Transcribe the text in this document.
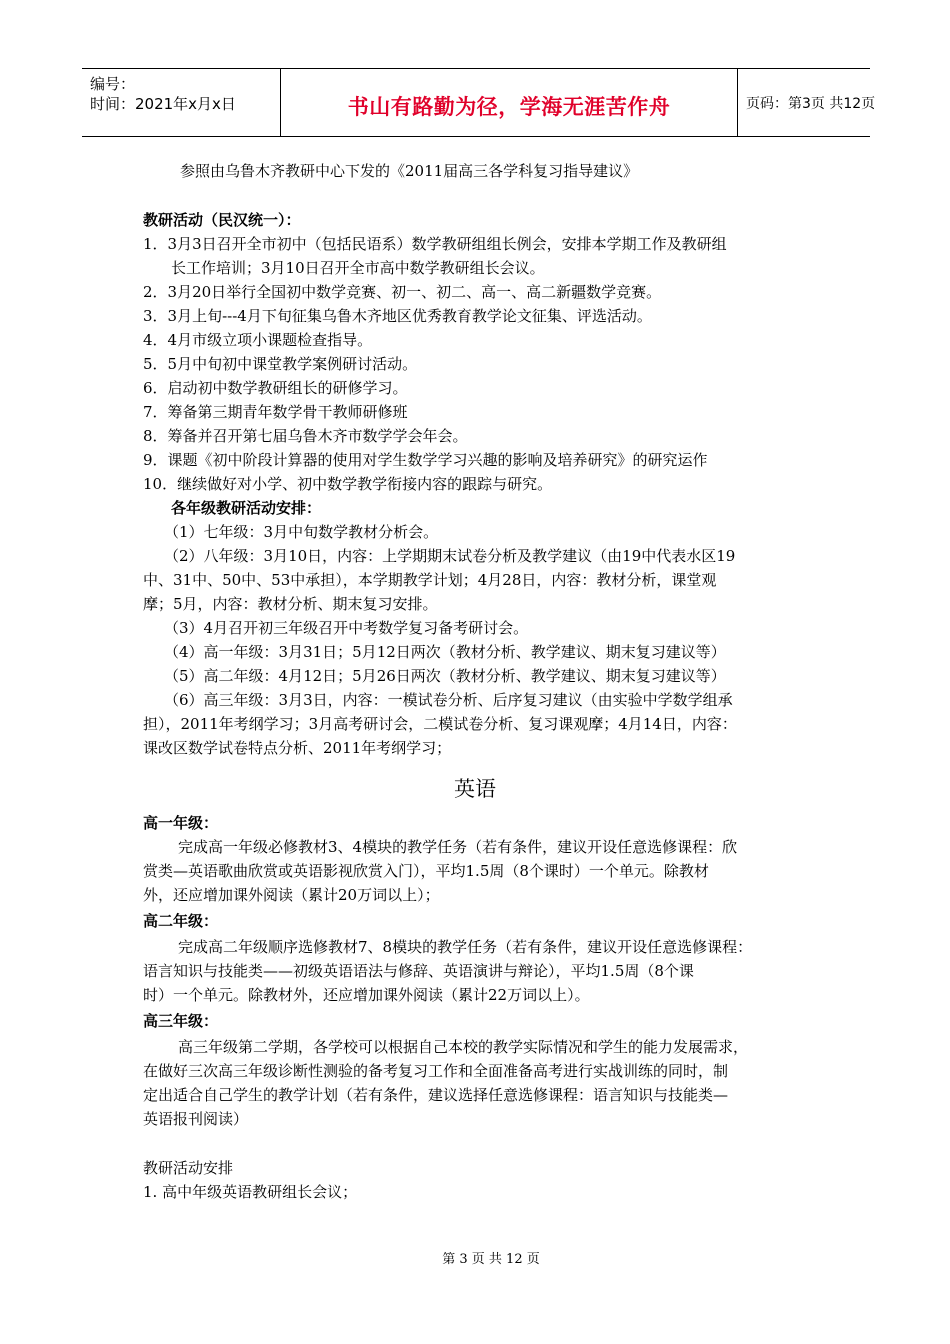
编号：
时间：2021年x月x日	书山有路勤为径，学海无涯苦作舟	页码：第3页 共12页
参照由乌鲁木齐教研中心下发的《2011届高三各学科复习指导建议》
教研活动（民汉统一）：
1．3月3日召开全市初中（包括民语系）数学教研组组长例会，安排本学期工作及教研组
长工作培训；3月10日召开全市高中数学教研组长会议。
2．3月20日举行全国初中数学竞赛、初一、初二、高一、高二新疆数学竞赛。
3．3月上旬---4月下旬征集乌鲁木齐地区优秀教育教学论文征集、评选活动。
4．4月市级立项小课题检查指导。
5．5月中旬初中课堂教学案例研讨活动。
6．启动初中数学教研组长的研修学习。
7．筹备第三期青年数学骨干教师研修班
8．筹备并召开第七届乌鲁木齐市数学学会年会。
9．课题《初中阶段计算器的使用对学生数学学习兴趣的影响及培养研究》的研究运作
10．继续做好对小学、初中数学教学衔接内容的跟踪与研究。
各年级教研活动安排：
（1）七年级：3月中旬数学教材分析会。
（2）八年级：3月10日，内容：上学期期末试卷分析及教学建议（由19中代表水区19
中、31中、50中、53中承担），本学期教学计划；4月28日，内容：教材分析，课堂观
摩；5月，内容：教材分析、期末复习安排。
（3）4月召开初三年级召开中考数学复习备考研讨会。
（4）高一年级：3月31日；5月12日两次（教材分析、教学建议、期末复习建议等）
（5）高二年级：4月12日；5月26日两次（教材分析、教学建议、期末复习建议等）
（6）高三年级：3月3日，内容：一模试卷分析、后序复习建议（由实验中学数学组承
担），2011年考纲学习；3月高考研讨会，二模试卷分析、复习课观摩；4月14日，内容：
课改区数学试卷特点分析、2011年考纲学习；
英语
高一年级：
完成高一年级必修教材3、4模块的教学任务（若有条件，建议开设任意选修课程：欣
赏类—英语歌曲欣赏或英语影视欣赏入门），平均1.5周（8个课时）一个单元。除教材
外，还应增加课外阅读（累计20万词以上）；
高二年级：
完成高二年级顺序选修教材7、8模块的教学任务（若有条件，建议开设任意选修课程：
语言知识与技能类——初级英语语法与修辞、英语演讲与辩论），平均1.5周（8个课
时）一个单元。除教材外，还应增加课外阅读（累计22万词以上）。
高三年级：
高三年级第二学期，各学校可以根据自己本校的教学实际情况和学生的能力发展需求，
在做好三次高三年级诊断性测验的备考复习工作和全面准备高考进行实战训练的同时，制
定出适合自己学生的教学计划（若有条件，建议选择任意选修课程：语言知识与技能类—
英语报刊阅读）
教研活动安排
1. 高中年级英语教研组长会议；
第 3 页 共 12 页
